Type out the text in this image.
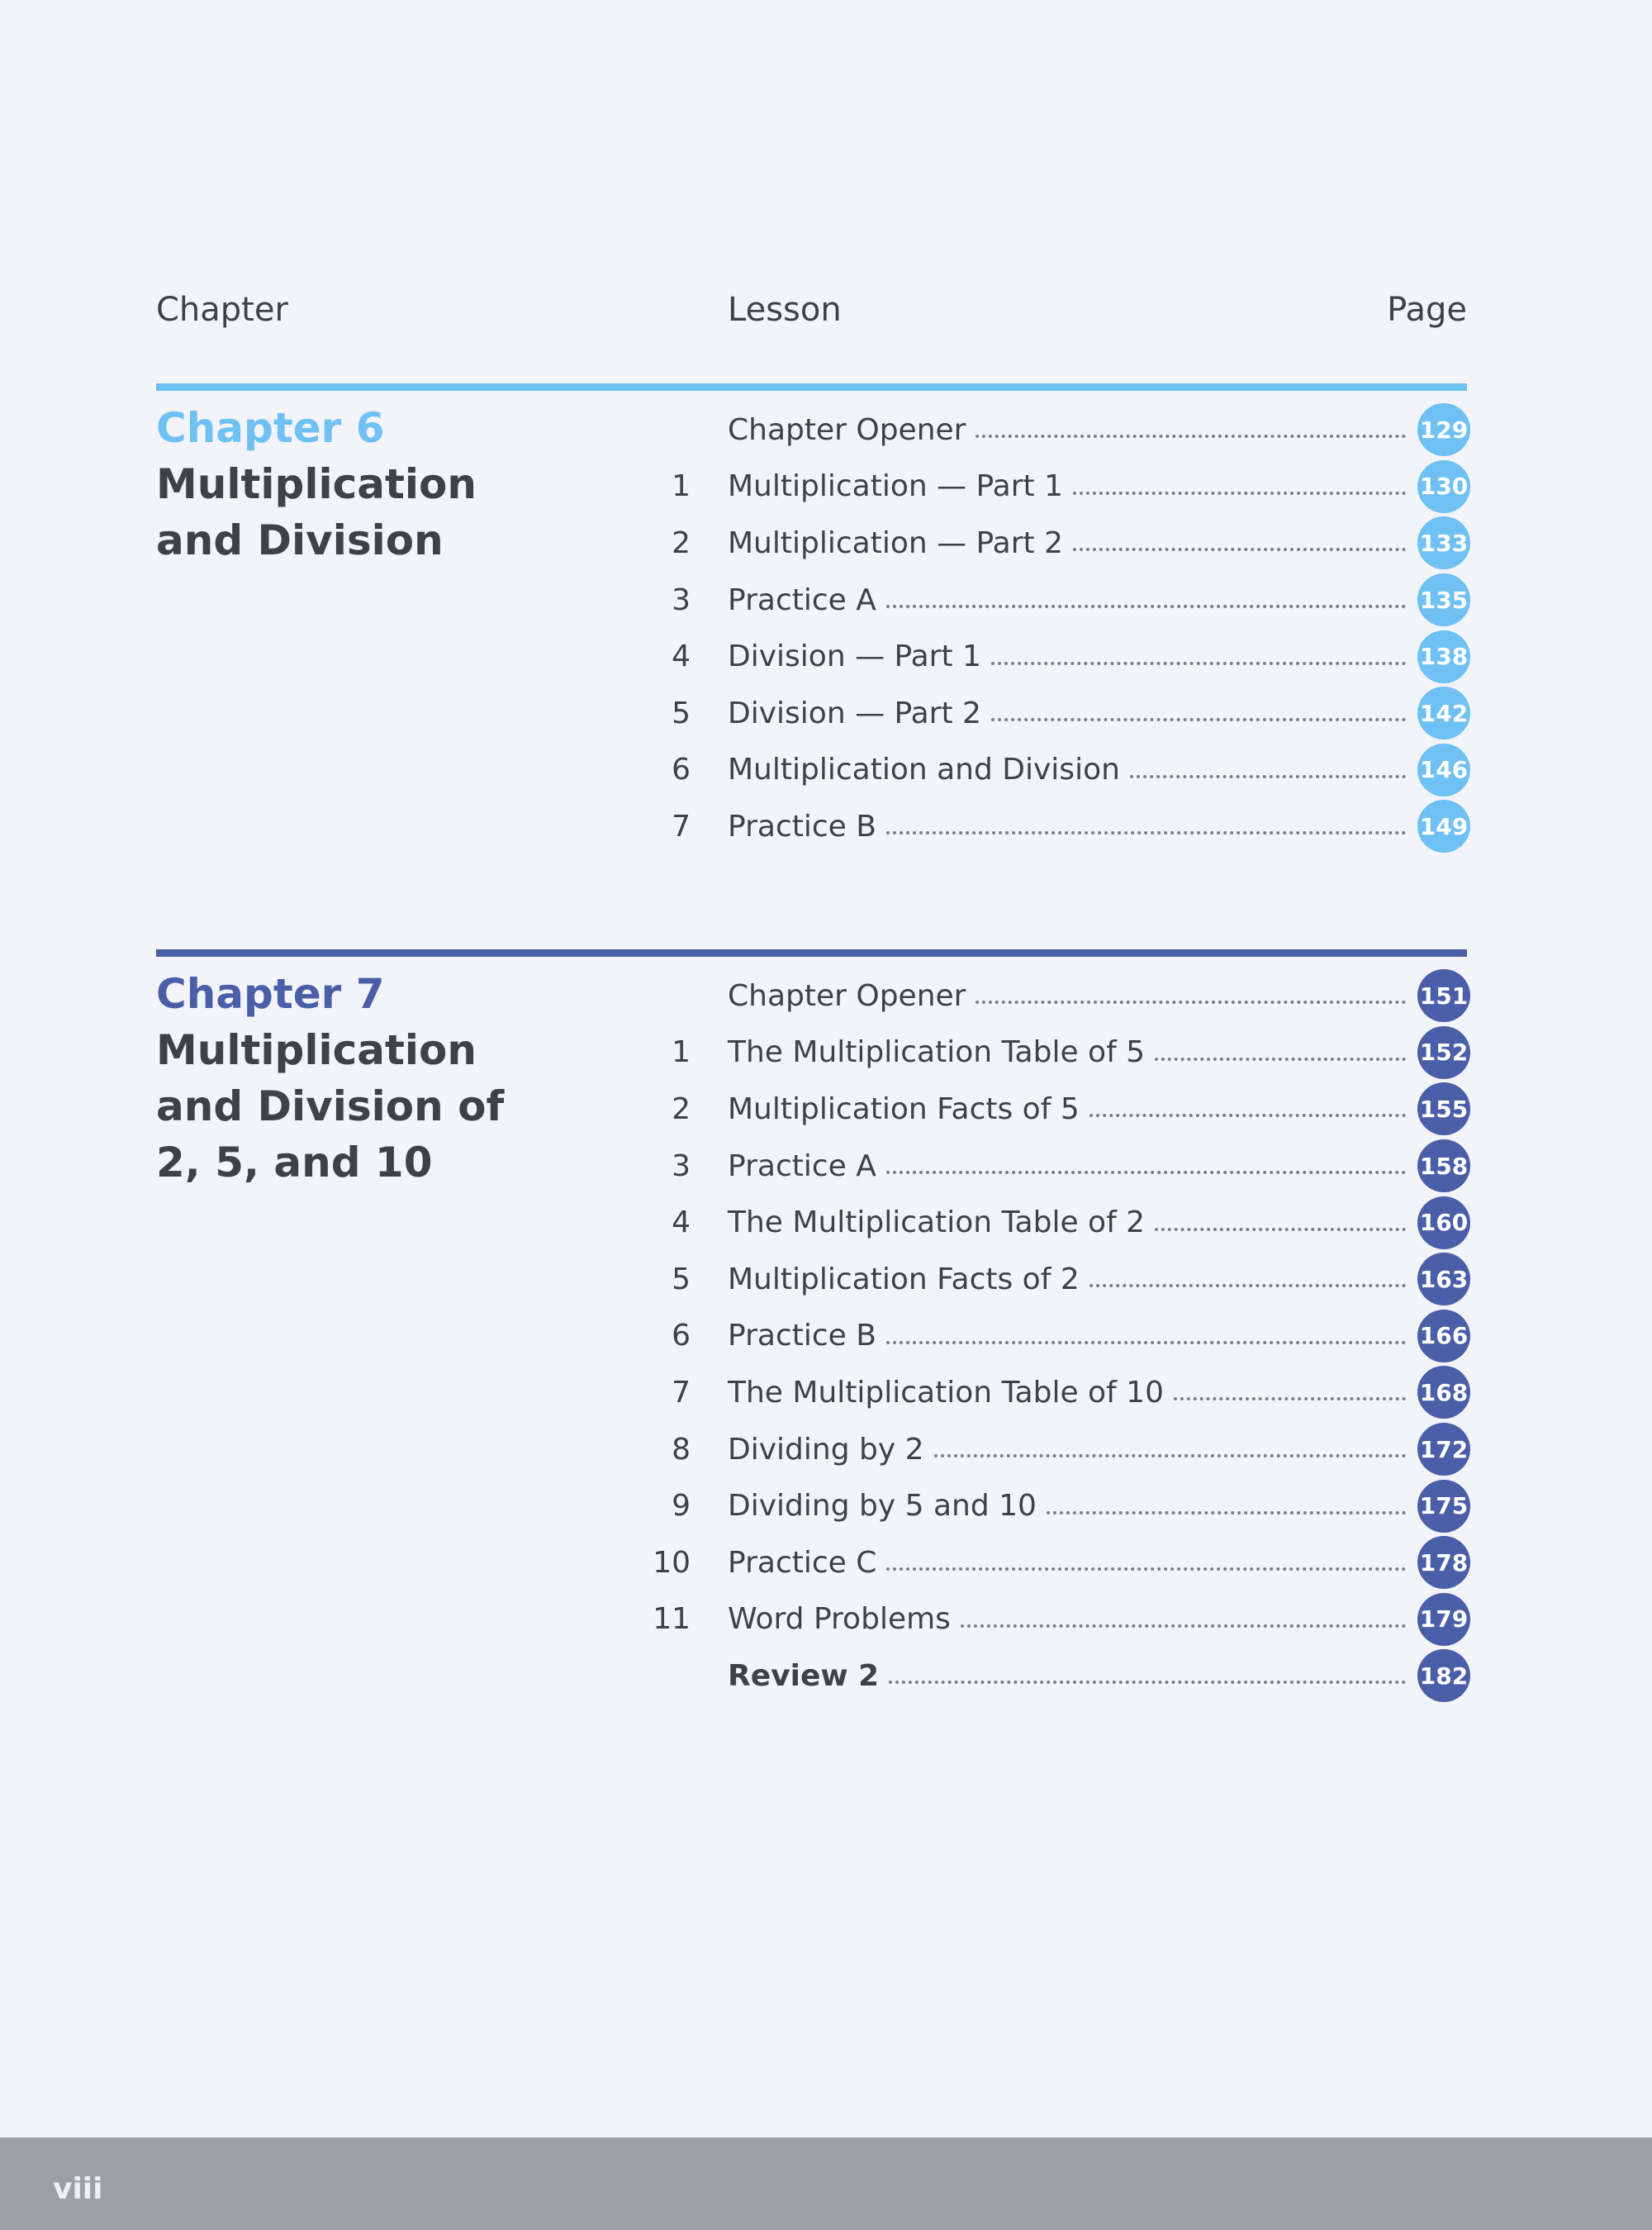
Chapter	Lesson	Page
Chapter 6
Multiplication
and Division
Chapter Opener	129
1 Multiplication — Part 1	130
2 Multiplication — Part 2	133
3 Practice A	135
4 Division — Part 1	138
5 Division — Part 2	142
6 Multiplication and Division	146
7 Practice B	149
Chapter 7
Multiplication
and Division of
2, 5, and 10
Chapter Opener	151
1 The Multiplication Table of 5	152
2 Multiplication Facts of 5	155
3 Practice A	158
4 The Multiplication Table of 2	160
5 Multiplication Facts of 2	163
6 Practice B	166
7 The Multiplication Table of 10	168
8 Dividing by 2	172
9 Dividing by 5 and 10	175
10 Practice C	178
11 Word Problems	179
Review 2	182
viii
